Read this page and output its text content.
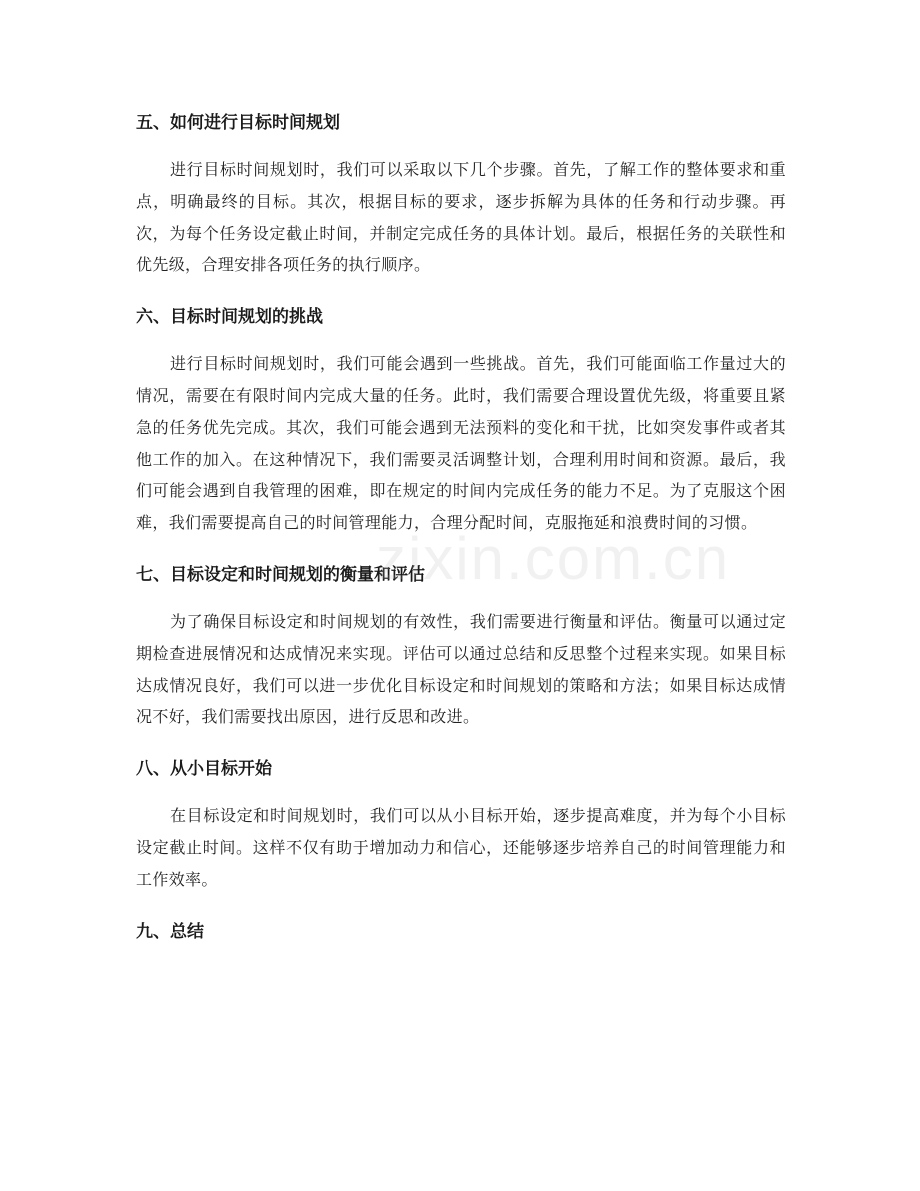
五、如何进行目标时间规划

进行目标时间规划时，我们可以采取以下几个步骤。首先，了解工作的整体要求和重点，明确最终的目标。其次，根据目标的要求，逐步拆解为具体的任务和行动步骤。再次，为每个任务设定截止时间，并制定完成任务的具体计划。最后，根据任务的关联性和优先级，合理安排各项任务的执行顺序。

六、目标时间规划的挑战

进行目标时间规划时，我们可能会遇到一些挑战。首先，我们可能面临工作量过大的情况，需要在有限时间内完成大量的任务。此时，我们需要合理设置优先级，将重要且紧急的任务优先完成。其次，我们可能会遇到无法预料的变化和干扰，比如突发事件或者其他工作的加入。在这种情况下，我们需要灵活调整计划，合理利用时间和资源。最后，我们可能会遇到自我管理的困难，即在规定的时间内完成任务的能力不足。为了克服这个困难，我们需要提高自己的时间管理能力，合理分配时间，克服拖延和浪费时间的习惯。

七、目标设定和时间规划的衡量和评估

为了确保目标设定和时间规划的有效性，我们需要进行衡量和评估。衡量可以通过定期检查进展情况和达成情况来实现。评估可以通过总结和反思整个过程来实现。如果目标达成情况良好，我们可以进一步优化目标设定和时间规划的策略和方法；如果目标达成情况不好，我们需要找出原因，进行反思和改进。

八、从小目标开始

在目标设定和时间规划时，我们可以从小目标开始，逐步提高难度，并为每个小目标设定截止时间。这样不仅有助于增加动力和信心，还能够逐步培养自己的时间管理能力和工作效率。

九、总结
zixin.com.cn
